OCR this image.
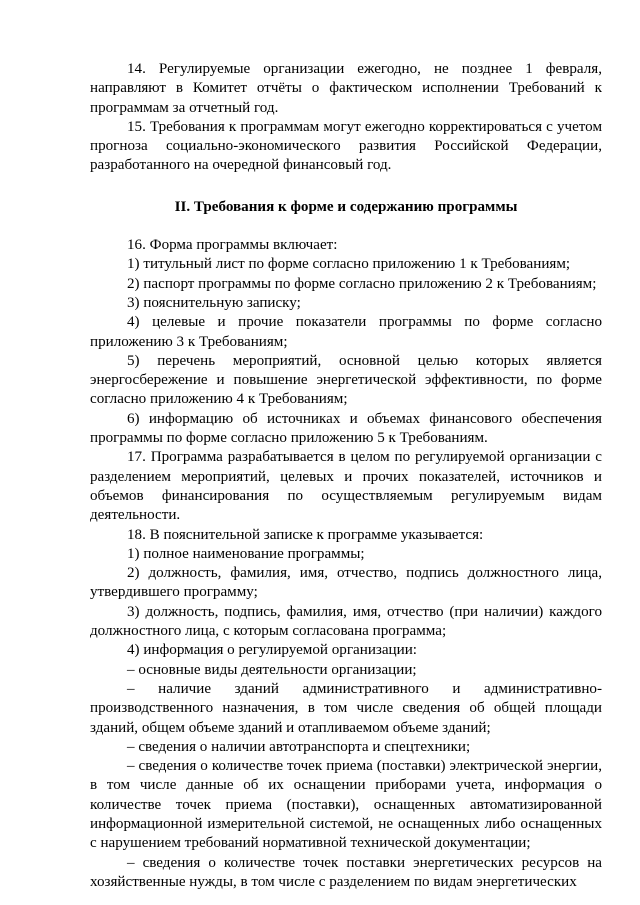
14. Регулируемые организации ежегодно, не позднее 1 февраля, направляют в Комитет отчёты о фактическом исполнении Требований к программам за отчетный год.

15. Требования к программам могут ежегодно корректироваться с учетом прогноза социально-экономического развития Российской Федерации, разработанного на очередной финансовый год.

II. Требования к форме и содержанию программы

16. Форма программы включает:

1) титульный лист по форме согласно приложению 1 к Требованиям;

2) паспорт программы по форме согласно приложению 2 к Требованиям;

3) пояснительную записку;

4) целевые и прочие показатели программы по форме согласно приложению 3 к Требованиям;

5) перечень мероприятий, основной целью которых является энергосбережение и повышение энергетической эффективности, по форме согласно приложению 4 к Требованиям;

6) информацию об источниках и объемах финансового обеспечения программы по форме согласно приложению 5 к Требованиям.

17. Программа разрабатывается в целом по регулируемой организации с разделением мероприятий, целевых и прочих показателей, источников и объемов финансирования по осуществляемым регулируемым видам деятельности.

18. В пояснительной записке к программе указывается:

1) полное наименование программы;

2) должность, фамилия, имя, отчество, подпись должностного лица, утвердившего программу;

3) должность, подпись, фамилия, имя, отчество (при наличии) каждого должностного лица, с которым согласована программа;

4) информация о регулируемой организации:

– основные виды деятельности организации;

– наличие зданий административного и административно-производственного назначения, в том числе сведения об общей площади зданий, общем объеме зданий и отапливаемом объеме зданий;

– сведения о наличии автотранспорта и спецтехники;

– сведения о количестве точек приема (поставки) электрической энергии, в том числе данные об их оснащении приборами учета, информация о количестве точек приема (поставки), оснащенных автоматизированной информационной измерительной системой, не оснащенных либо оснащенных с нарушением требований нормативной технической документации;

– сведения о количестве точек поставки энергетических ресурсов на хозяйственные нужды, в том числе с разделением по видам энергетических
